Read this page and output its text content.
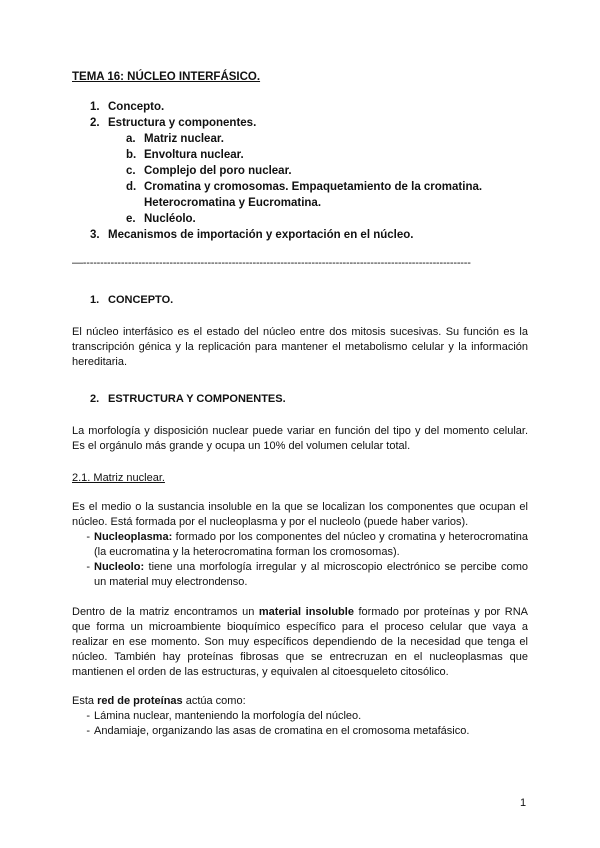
TEMA 16: NÚCLEO INTERFÁSICO.
1. Concepto.
2. Estructura y componentes.
a. Matriz nuclear.
b. Envoltura nuclear.
c. Complejo del poro nuclear.
d. Cromatina y cromosomas. Empaquetamiento de la cromatina. Heterocromatina y Eucromatina.
e. Nucléolo.
3. Mecanismos de importación y exportación en el núcleo.
—----------------------------------------------------------------------------------------------------------------
1. CONCEPTO.

El núcleo interfásico es el estado del núcleo entre dos mitosis sucesivas. Su función es la transcripción génica y la replicación para mantener el metabolismo celular y la información hereditaria.

2. ESTRUCTURA Y COMPONENTES.

La morfología y disposición nuclear puede variar en función del tipo y del momento celular. Es el orgánulo más grande y ocupa un 10% del volumen celular total.

2.1. Matriz nuclear.

Es el medio o la sustancia insoluble en la que se localizan los componentes que ocupan el núcleo. Está formada por el nucleoplasma y por el nucleolo (puede haber varios).

- Nucleoplasma: formado por los componentes del núcleo y cromatina y heterocromatina (la eucromatina y la heterocromatina forman los cromosomas).
- Nucleolo: tiene una morfología irregular y al microscopio electrónico se percibe como un material muy electrondenso.

Dentro de la matriz encontramos un material insoluble formado por proteínas y por RNA que forma un microambiente bioquímico específico para el proceso celular que vaya a realizar en ese momento. Son muy específicos dependiendo de la necesidad que tenga el núcleo. También hay proteínas fibrosas que se entrecruzan en el nucleoplasmas que mantienen el orden de las estructuras, y equivalen al citoesqueleto citosólico.

Esta red de proteínas actúa como:

- Lámina nuclear, manteniendo la morfología del núcleo.
- Andamiaje, organizando las asas de cromatina en el cromosoma metafásico.
1
